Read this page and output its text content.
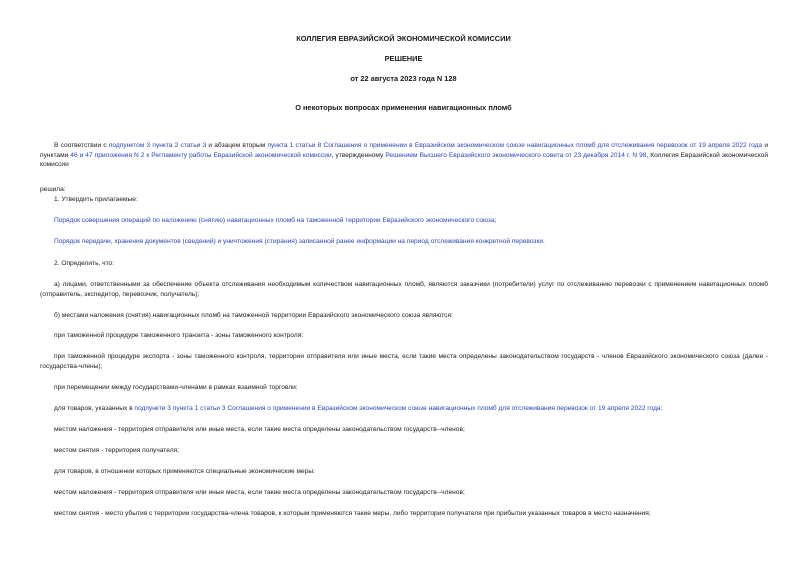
КОЛЛЕГИЯ ЕВРАЗИЙСКОЙ ЭКОНОМИЧЕСКОЙ КОМИССИИ
РЕШЕНИЕ
от 22 августа 2023 года N 128
О некоторых вопросах применения навигационных пломб
В соответствии с подпунктом 3 пункта 2 статьи 3 и абзацем вторым пункта 1 статьи 8 Соглашения о применении в Евразийском экономическом союзе навигационных пломб для отслеживания перевозок от 19 апреля 2022 года и пунктами 46 и 47 приложения N 2 к Регламенту работы Евразийской экономической комиссии, утвержденному Решением Высшего Евразийского экономического совета от 23 декабря 2014 г. N 98, Коллегия Евразийской экономической комиссии
решила:
1. Утвердить прилагаемые:
Порядок совершения операций по наложению (снятию) навигационных пломб на таможенной территории Евразийского экономического союза;
Порядок передачи, хранения документов (сведений) и уничтожения (стирания) записанной ранее информации на период отслеживания конкретной перевозки.
2. Определить, что:
а) лицами, ответственными за обеспечение объекта отслеживания необходимым количеством навигационных пломб, являются заказчики (потребители) услуг по отслеживанию перевозки с применением навигационных пломб (отправитель, экспедитор, перевозчик, получатель);
б) местами наложения (снятия) навигационных пломб на таможенной территории Евразийского экономического союза являются:
при таможенной процедуре таможенного транзита - зоны таможенного контроля;
при таможенной процедуре экспорта - зоны таможенного контроля, территории отправителя или иные места, если такие места определены законодательством государств - членов Евразийского экономического союза (далее - государства-члены);
при перемещении между государствами-членами в рамках взаимной торговли:
для товаров, указанных в подпункте 3 пункта 1 статьи 3 Соглашения о применении в Евразийском экономическом союзе навигационных пломб для отслеживания перевозок от 19 апреля 2022 года:
местом наложения - территория отправителя или иные места, если такие места определены законодательством государств--членов;
местом снятия - территория получателя;
для товаров, в отношении которых применяются специальные экономические меры:
местом наложения - территория отправителя или иные места, если такие места определены законодательством государств--членов;
местом снятия - место убытия с территории государства-члена товаров, к которым применяются такие меры, либо территория получателя при прибытии указанных товаров в место назначения;
